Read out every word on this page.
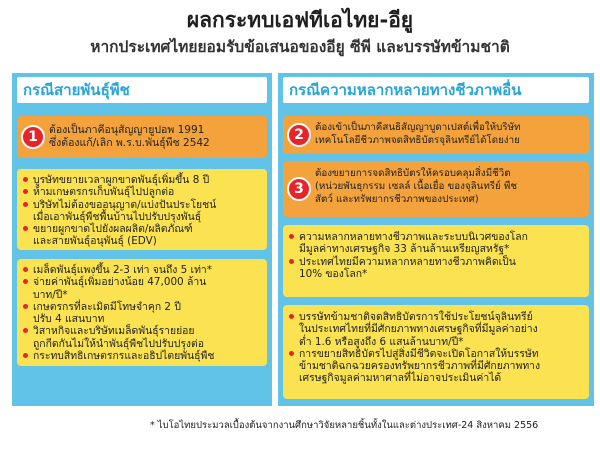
ผลกระทบเอฟทีเอไทย-อียู
หากประเทศไทยยอมรับข้อเสนอของอียู ซีพี และบรรษัทข้ามชาติ
กรณีสายพันธุ์พืช
1	ต้องเป็นภาคีอนุสัญญายูปอพ 1991
ซึ่งต้องแก้/เลิก พ.ร.บ.พันธุ์พืช 2542
บูรษัทขยายเวลาผูกขาดพันธุ์เพิ่มขึ้น 8 ปี
ห้ามเกษตรกรเก็บพันธุ์ไปปลูกต่อ
บริษัทไม่ต้องขออนุญาต/แบ่งปันประโยชน์
เมื่อเอาพันธุ์พืชพื้นบ้านไปปรับปรุงพันธุ์
ขยายผูกขาดไปยังผลผลิต/ผลิตภัณฑ์
และสายพันธุ์อนุพันธุ์ (EDV)
เมล็ดพันธุ์แพงขึ้น 2-3 เท่า จนถึง 5 เท่า*
จ่ายค่าพันธุ์เพิ่มอย่างน้อย 47,000 ล้าน
บาท/ปี*
เกษตรกรที่ละเมิดมีโทษจำคุก 2 ปี
ปรับ 4 แสนบาท
วิสาหกิจและบริษัทเมล็ดพันธุ์รายย่อย
ถูกกีดกันไม่ให้นำพันธุ์พืชไปปรับปรุงต่อ
กระทบสิทธิเกษตรกรและอธิปไตยพันธุ์พืช
กรณีความหลากหลายทางชีวภาพอื่น
2	ต้องเข้าเป็นภาคีสนธิสัญญาบูดาเปสต์เพื่อให้บริษัท
เทคโนโลยีชีวภาพจดสิทธิบัตรจุลินทรีย์ได้โดยง่าย
3
ต้องขยายการจดสิทธิบัตรให้ครอบคลุมสิ่งมีชีวิต
(หน่วยพันธุกรรม เซลล์ เนื้อเยื่อ ของจุลินทรีย์ พืช
สัตว์ และทรัพยากรชีวภาพของประเทศ)
ความหลากหลายทางชีวภาพและระบบนิเวศของโลก
มีมูลค่าทางเศรษฐกิจ 33 ล้านล้านเหรียญสหรัฐ*
ประเทศไทยมีความหลากหลายทางชีวภาพคิดเป็น
10% ของโลก*
บรรษัทข้ามชาติจดสิทธิบัตรการใช้ประโยชน์จุลินทรีย์
ในประเทศไทยที่มีศักยภาพทางเศรษฐกิจที่มีมูลค่าอย่าง
ต่ำ 1.6 หรือสูงถึง 6 แสนล้านบาท/ปี*
การขยายสิทธิบัตรไปสู่สิ่งมีชีวิตจะเปิดโอกาสให้บรรษัท
ข้ามชาติฉกฉวยครองทรัพยากรชีวภาพที่มีศักยภาพทาง
เศรษฐกิจมูลค่ามหาศาลที่ไม่อาจประเมินค่าได้
* ไบโอไทยประมวลเบื้องต้นจากงานศึกษาวิจัยหลายชิ้นทั้งในและต่างประเทศ-24 สิงหาคม 2556
